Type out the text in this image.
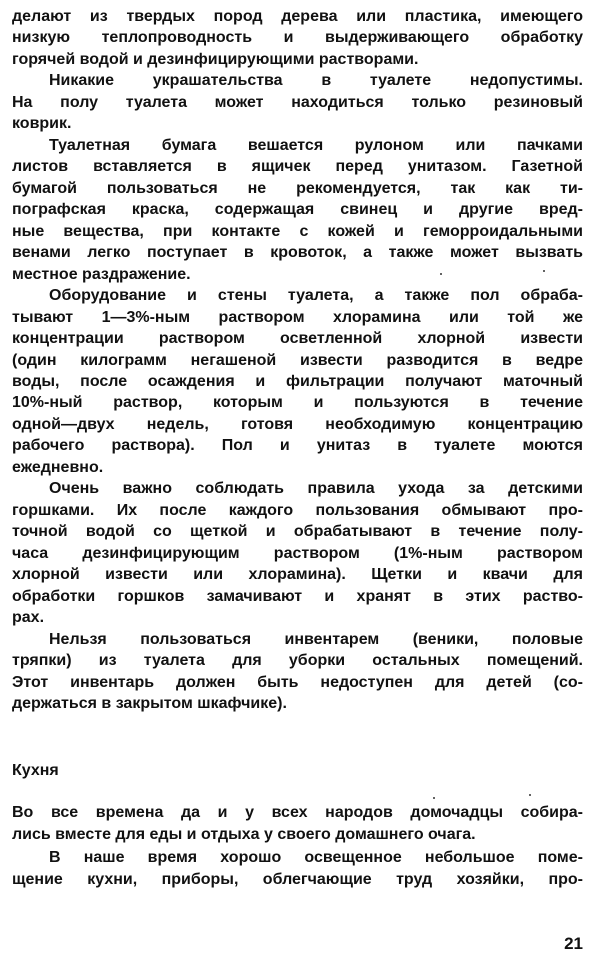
делают из твердых пород дерева или пластика, имеющего
низкую теплопроводность и выдерживающего обработку
горячей водой и дезинфицирующими растворами.
Никакие украшательства в туалете недопустимы.
На полу туалета может находиться только резиновый
коврик.
Туалетная бумага вешается рулоном или пачками
листов вставляется в ящичек перед унитазом. Газетной
бумагой пользоваться не рекомендуется, так как ти-
пографская краска, содержащая свинец и другие вред-
ные вещества, при контакте с кожей и геморроидальными
венами легко поступает в кровоток, а также может вызвать
местное раздражение.
Оборудование и стены туалета, а также пол обраба-
тывают 1—3%-ным раствором хлорамина или той же
концентрации раствором осветленной хлорной извести
(один килограмм негашеной извести разводится в ведре
воды, после осаждения и фильтрации получают маточный
10%-ный раствор, которым и пользуются в течение
одной—двух недель, готовя необходимую концентрацию
рабочего раствора). Пол и унитаз в туалете моются
ежедневно.
Очень важно соблюдать правила ухода за детскими
горшками. Их после каждого пользования обмывают про-
точной водой со щеткой и обрабатывают в течение полу-
часа дезинфицирующим раствором (1%-ным раствором
хлорной извести или хлорамина). Щетки и квачи для
обработки горшков замачивают и хранят в этих раство-
рах.
Нельзя пользоваться инвентарем (веники, половые
тряпки) из туалета для уборки остальных помещений.
Этот инвентарь должен быть недоступен для детей (со-
держаться в закрытом шкафчике).
Кухня
Во все времена да и у всех народов домочадцы собира-
лись вместе для еды и отдыха у своего домашнего очага.
В наше время хорошо освещенное небольшое поме-
щение кухни, приборы, облегчающие труд хозяйки, про-
21
